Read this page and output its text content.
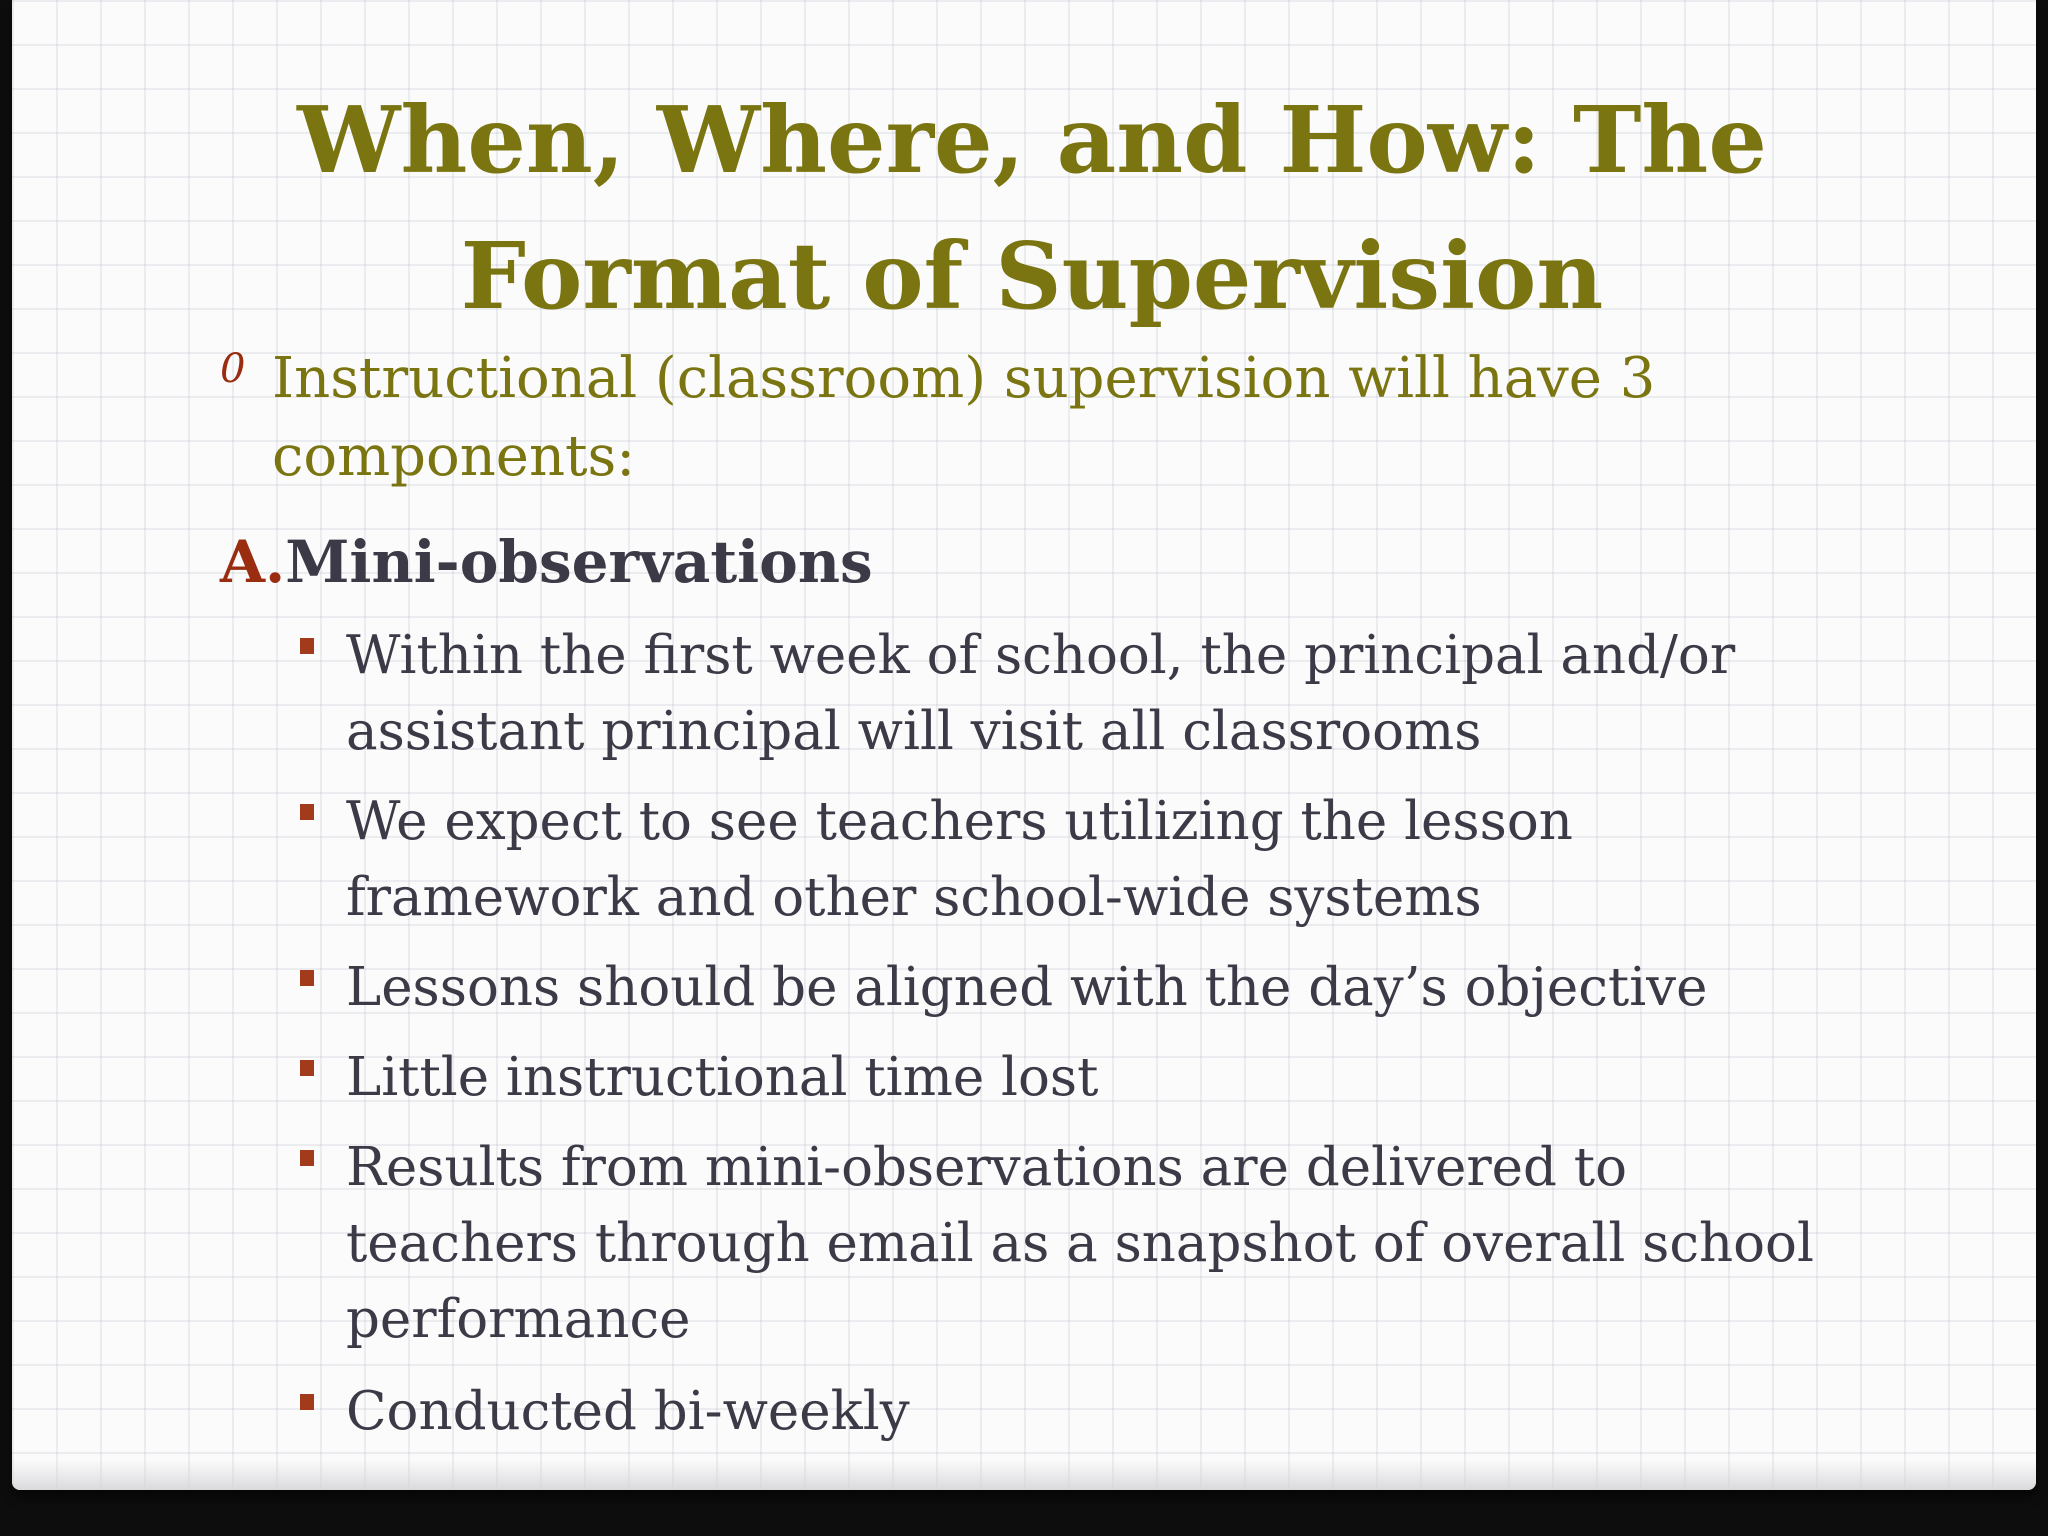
When, Where, and How: The
Format of Supervision
0 Instructional (classroom) supervision will have 3
components:
A.Mini-observations
Within the first week of school, the principal and/or
assistant principal will visit all classrooms
We expect to see teachers utilizing the lesson
framework and other school-wide systems
Lessons should be aligned with the day’s objective
Little instructional time lost
Results from mini-observations are delivered to
teachers through email as a snapshot of overall school
performance
Conducted bi-weekly
